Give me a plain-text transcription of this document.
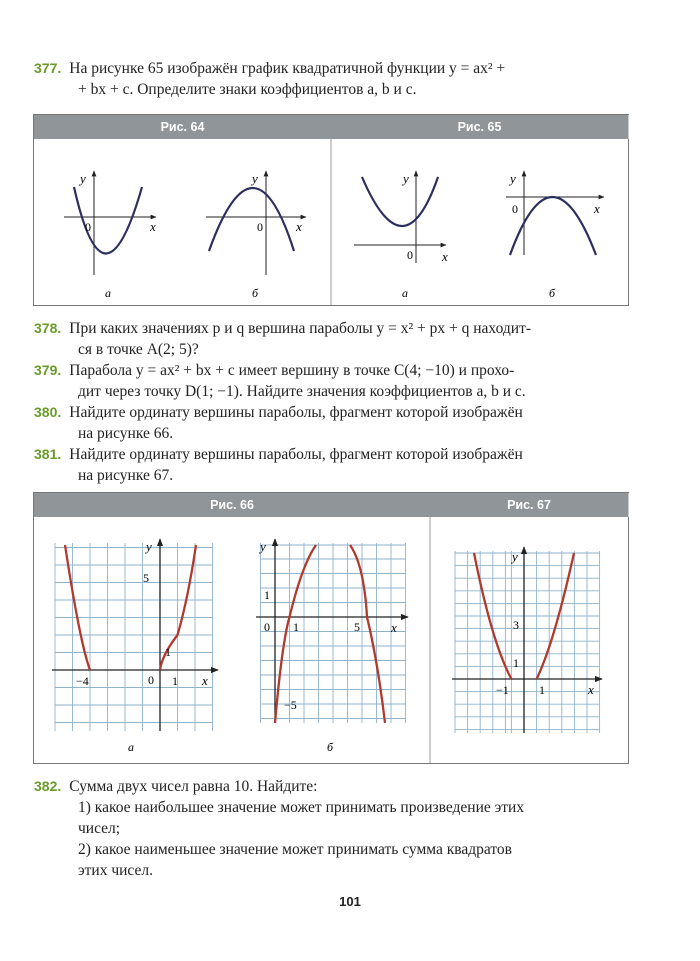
377. На рисунке 65 изображён график квадратичной функции y = ax² +
+ bx + c. Определите знаки коэффициентов a, b и c.
Рис. 64	Рис. 65
y
x
0
а
y
x
0
б
y
x
0
а
y
x
0
б
378. При каких значениях p и q вершина параболы y = x² + px + q находит-
ся в точке A(2; 5)?
379. Парабола y = ax² + bx + c имеет вершину в точке C(4; −10) и прохо-
дит через точку D(1; −1). Найдите значения коэффициентов a, b и c.
380. Найдите ординату вершины параболы, фрагмент которой изображён
на рисунке 66.
381. Найдите ординату вершины параболы, фрагмент которой изображён
на рисунке 67.
Рис. 66	Рис. 67
y
x
0
5
1
1
−4
а
y
x
0
1
1	5
−5
б
y
x
3
1
1
−1
382. Сумма двух чисел равна 10. Найдите:
1) какое наибольшее значение может принимать произведение этих
чисел;
2) какое наименьшее значение может принимать сумма квадратов
этих чисел.
101
